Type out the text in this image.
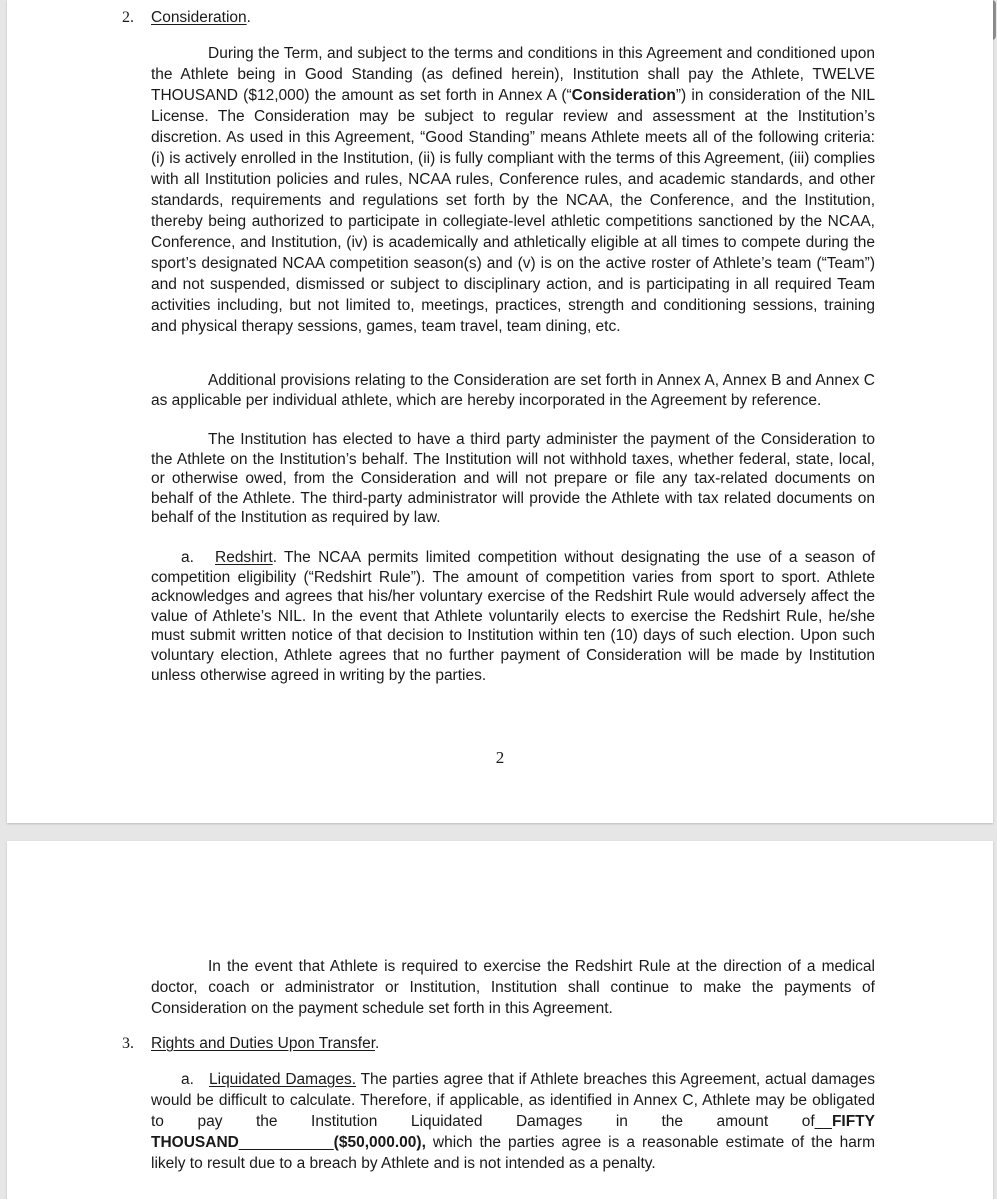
2.	Consideration.

During the Term, and subject to the terms and conditions in this Agreement and conditioned upon the Athlete being in Good Standing (as defined herein), Institution shall pay the Athlete, TWELVE THOUSAND ($12,000) the amount as set forth in Annex A (“Consideration”) in consideration of the NIL License. The Consideration may be subject to regular review and assessment at the Institution’s discretion. As used in this Agreement, “Good Standing” means Athlete meets all of the following criteria: (i) is actively enrolled in the Institution, (ii) is fully compliant with the terms of this Agreement, (iii) complies with all Institution policies and rules, NCAA rules, Conference rules, and academic standards, and other standards, requirements and regulations set forth by the NCAA, the Conference, and the Institution, thereby being authorized to participate in collegiate-level athletic competitions sanctioned by the NCAA, Conference, and Institution, (iv) is academically and athletically eligible at all times to compete during the sport’s designated NCAA competition season(s) and (v) is on the active roster of Athlete’s team (“Team”) and not suspended, dismissed or subject to disciplinary action, and is participating in all required Team activities including, but not limited to, meetings, practices, strength and conditioning sessions, training and physical therapy sessions, games, team travel, team dining, etc.

Additional provisions relating to the Consideration are set forth in Annex A, Annex B and Annex C as applicable per individual athlete, which are hereby incorporated in the Agreement by reference.

The Institution has elected to have a third party administer the payment of the Consideration to the Athlete on the Institution’s behalf. The Institution will not withhold taxes, whether federal, state, local, or otherwise owed, from the Consideration and will not prepare or file any tax-related documents on behalf of the Athlete. The third-party administrator will provide the Athlete with tax related documents on behalf of the Institution as required by law.

a. Redshirt. The NCAA permits limited competition without designating the use of a season of competition eligibility (“Redshirt Rule”). The amount of competition varies from sport to sport. Athlete acknowledges and agrees that his/her voluntary exercise of the Redshirt Rule would adversely affect the value of Athlete’s NIL. In the event that Athlete voluntarily elects to exercise the Redshirt Rule, he/she must submit written notice of that decision to Institution within ten (10) days of such election. Upon such voluntary election, Athlete agrees that no further payment of Consideration will be made by Institution unless otherwise agreed in writing by the parties.

2

In the event that Athlete is required to exercise the Redshirt Rule at the direction of a medical doctor, coach or administrator or Institution, Institution shall continue to make the payments of Consideration on the payment schedule set forth in this Agreement.

3.	Rights and Duties Upon Transfer.

a. Liquidated Damages. The parties agree that if Athlete breaches this Agreement, actual damages would be difficult to calculate. Therefore, if applicable, as identified in Annex C, Athlete may be obligated to pay the Institution Liquidated Damages in the amount of__FIFTY THOUSAND___________($50,000.00), which the parties agree is a reasonable estimate of the harm likely to result due to a breach by Athlete and is not intended as a penalty.
